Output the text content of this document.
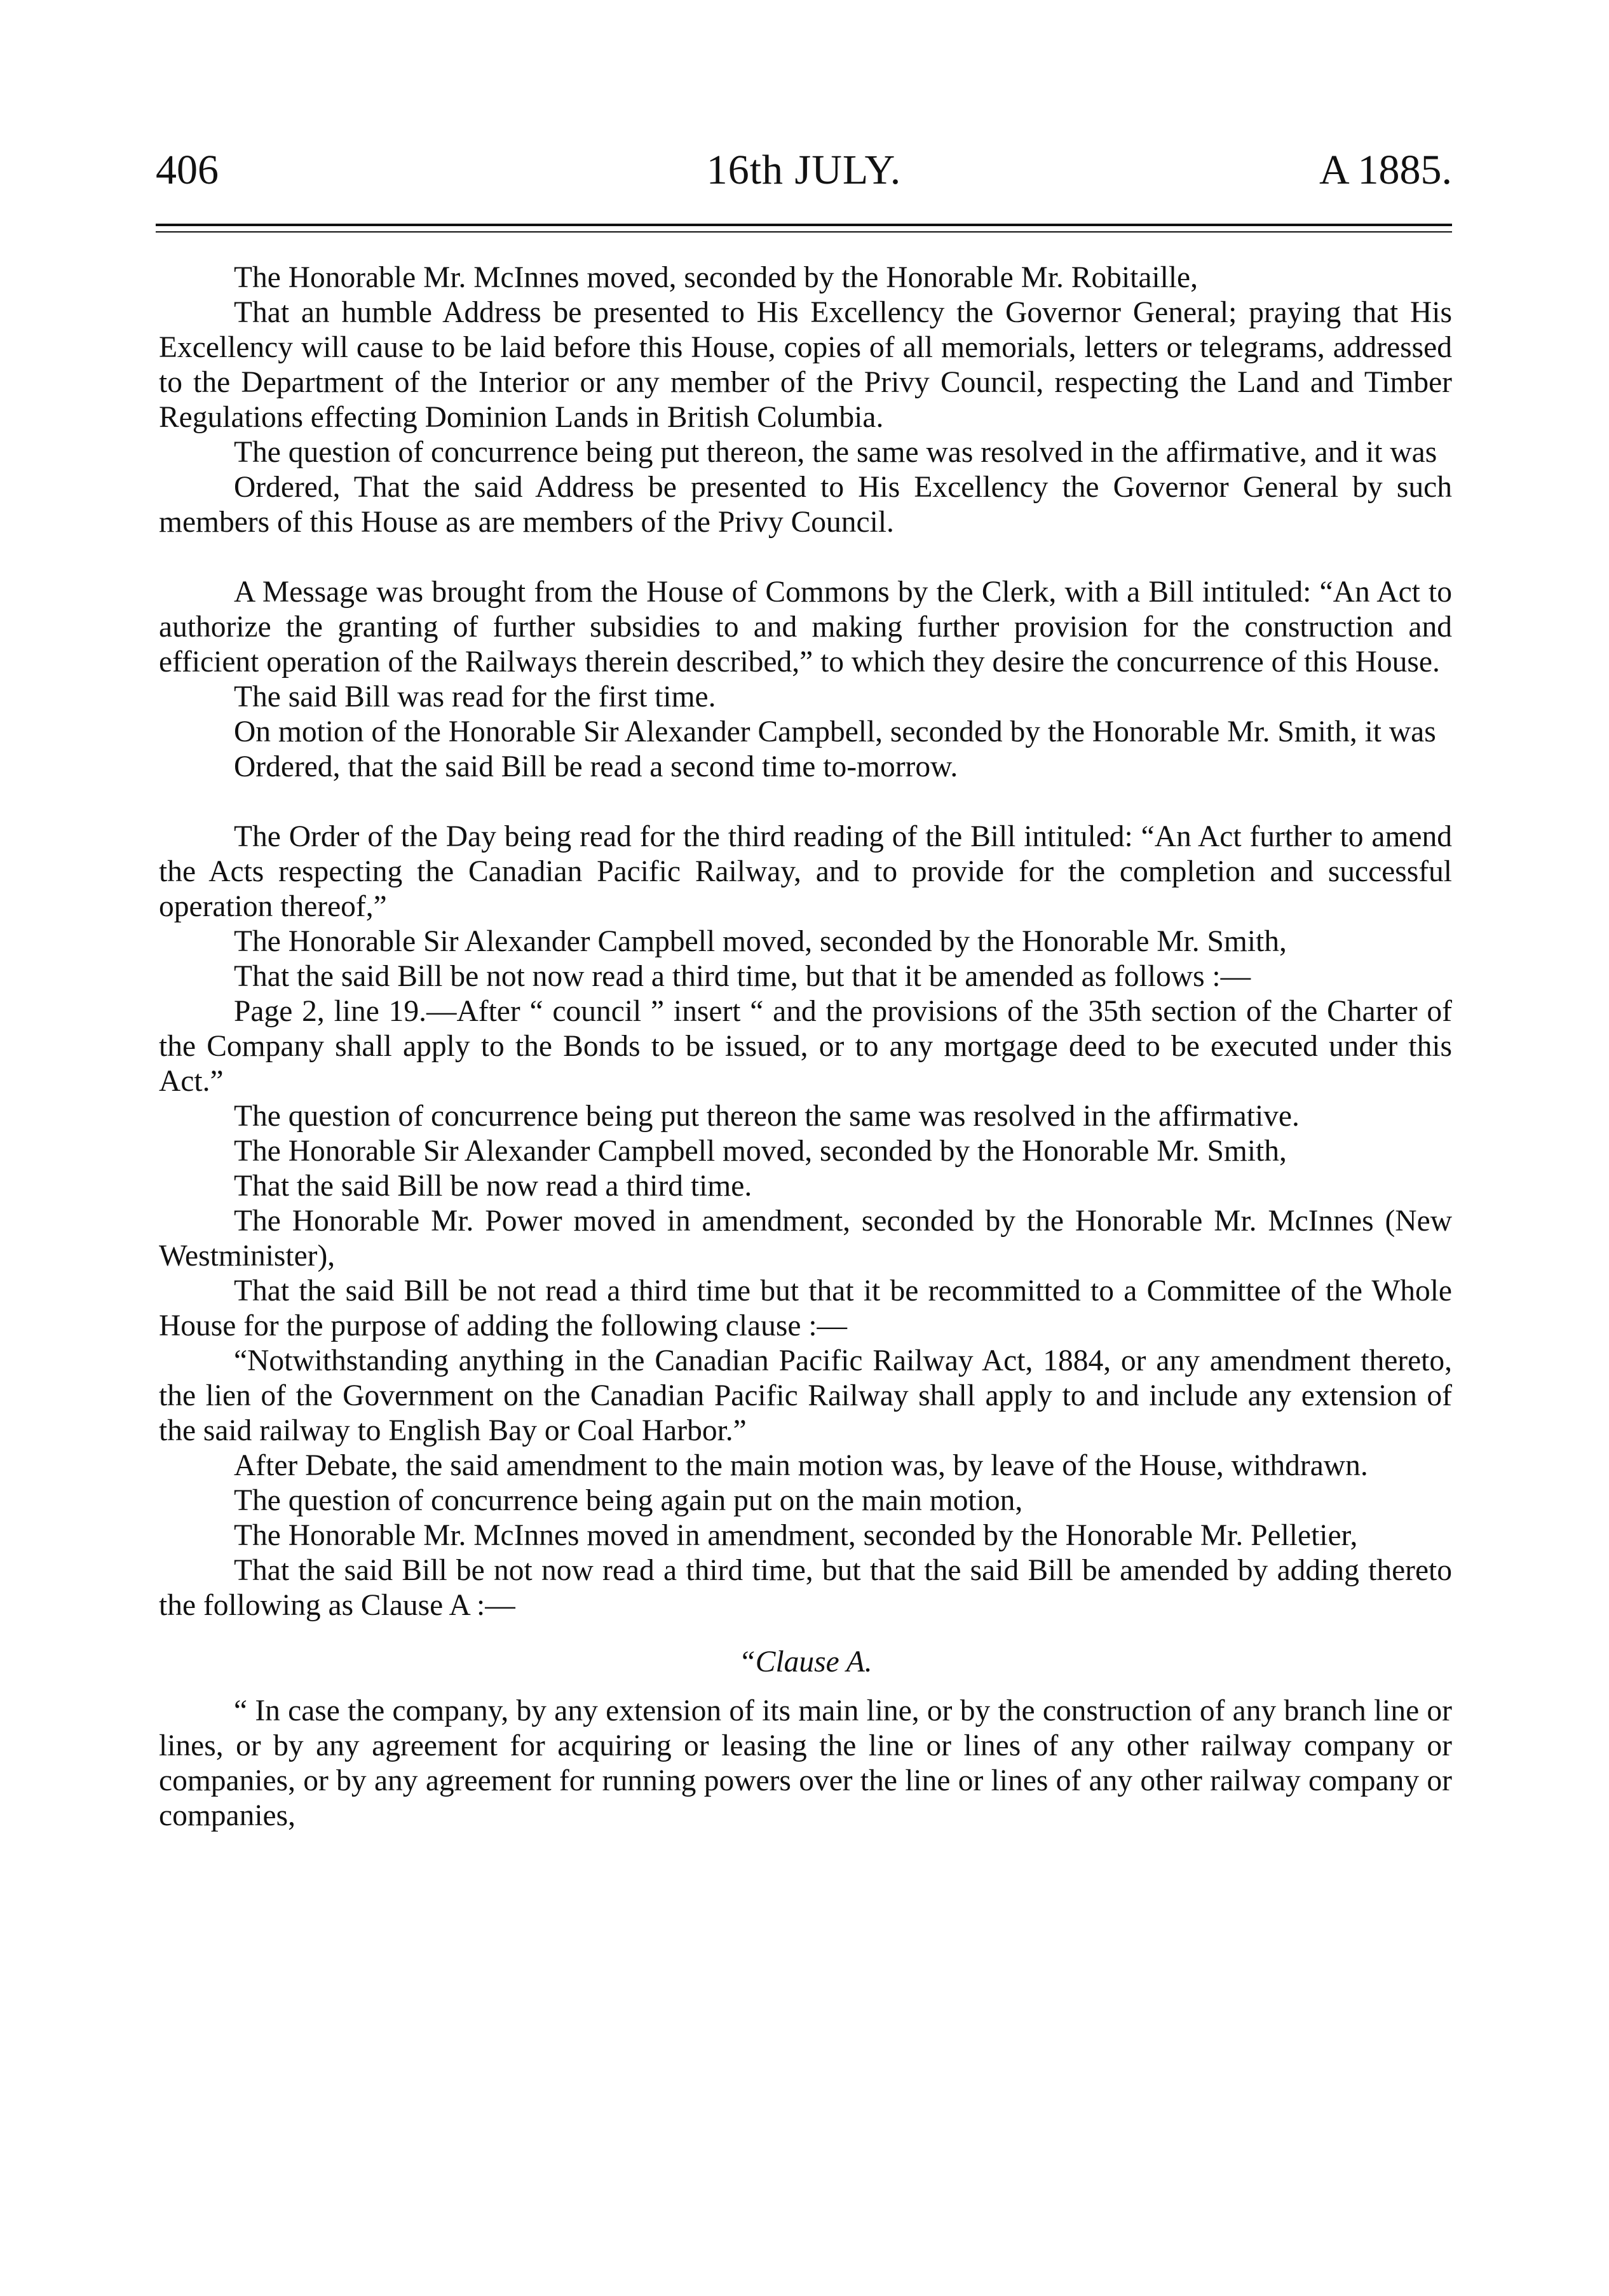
406	16th JULY.	A 1885.

The Honorable Mr. McInnes moved, seconded by the Honorable Mr. Robitaille,

That an humble Address be presented to His Excellency the Governor General; praying that His Excellency will cause to be laid before this House, copies of all memorials, letters or telegrams, addressed to the Department of the Interior or any member of the Privy Council, respecting the Land and Timber Regulations effecting Dominion Lands in British Columbia.

The question of concurrence being put thereon, the same was resolved in the affirmative, and it was

Ordered, That the said Address be presented to His Excellency the Governor General by such members of this House as are members of the Privy Council.

A Message was brought from the House of Commons by the Clerk, with a Bill intituled: “An Act to authorize the granting of further subsidies to and making further provision for the construction and efficient operation of the Railways therein described,” to which they desire the concurrence of this House.

The said Bill was read for the first time.

On motion of the Honorable Sir Alexander Campbell, seconded by the Honorable Mr. Smith, it was

Ordered, that the said Bill be read a second time to-morrow.

The Order of the Day being read for the third reading of the Bill intituled: “An Act further to amend the Acts respecting the Canadian Pacific Railway, and to provide for the completion and successful operation thereof,”

The Honorable Sir Alexander Campbell moved, seconded by the Honorable Mr. Smith,

That the said Bill be not now read a third time, but that it be amended as follows :—

Page 2, line 19.—After “ council ” insert “ and the provisions of the 35th section of the Charter of the Company shall apply to the Bonds to be issued, or to any mortgage deed to be executed under this Act.”

The question of concurrence being put thereon the same was resolved in the affirmative.

The Honorable Sir Alexander Campbell moved, seconded by the Honorable Mr. Smith,

That the said Bill be now read a third time.

The Honorable Mr. Power moved in amendment, seconded by the Honorable Mr. McInnes (New Westminister),

That the said Bill be not read a third time but that it be recommitted to a Committee of the Whole House for the purpose of adding the following clause :—

“Notwithstanding anything in the Canadian Pacific Railway Act, 1884, or any amendment thereto, the lien of the Government on the Canadian Pacific Railway shall apply to and include any extension of the said railway to English Bay or Coal Harbor.”

After Debate, the said amendment to the main motion was, by leave of the House, withdrawn.

The question of concurrence being again put on the main motion,

The Honorable Mr. McInnes moved in amendment, seconded by the Honorable Mr. Pelletier,

That the said Bill be not now read a third time, but that the said Bill be amended by adding thereto the following as Clause A :—

“Clause A.

“ In case the company, by any extension of its main line, or by the construction of any branch line or lines, or by any agreement for acquiring or leasing the line or lines of any other railway company or companies, or by any agreement for running powers over the line or lines of any other railway company or companies,
